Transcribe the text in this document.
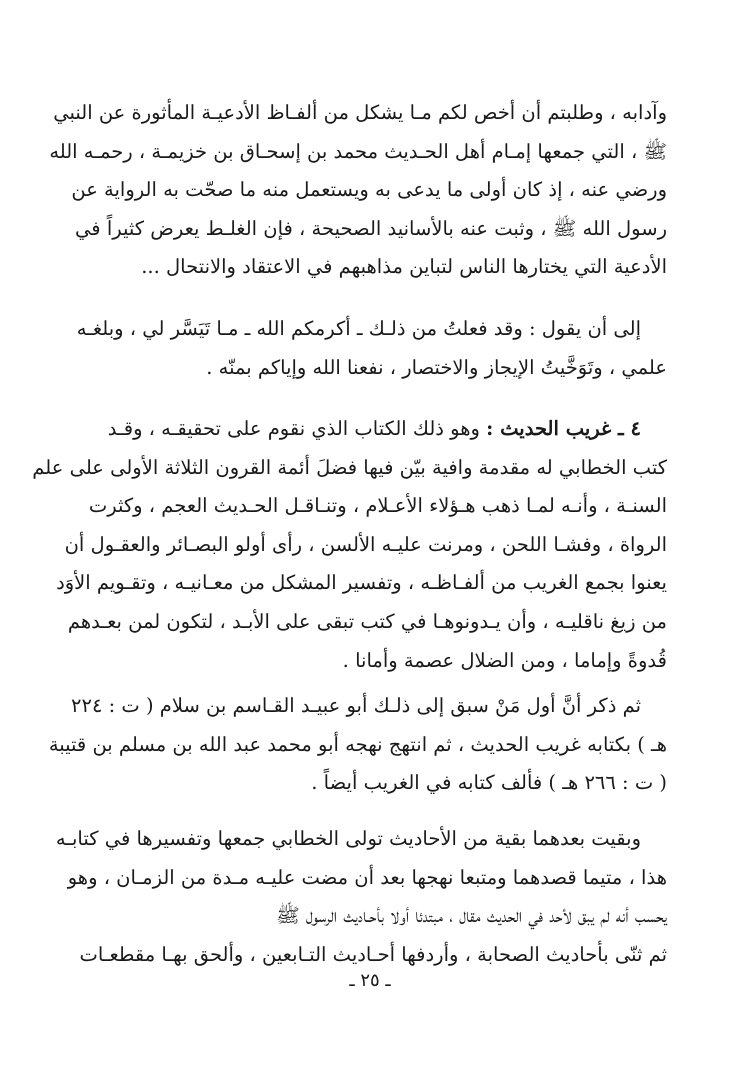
وآدابه ، وطلبتم أن أخص لكم مـا يشكل من ألفـاظ الأدعيـة المأثورة عن النبي
ﷺ ، التي جمعها إمـام أهل الحـديث محمد بن إسحـاق بن خزيمـة ، رحمـه الله
ورضي عنه ، إذ كان أولى ما يدعى به ويستعمل منه ما صحّت به الرواية عن
رسول الله ﷺ ، وثبت عنه بالأسانيد الصحيحة ، فإن الغلـط يعرض كثيراً في
الأدعية التي يختارها الناس لتباين مذاهبهم في الاعتقاد والانتحال ...
إلى أن يقول : وقد فعلتُ من ذلـك ـ أكرمكم الله ـ مـا تَيَسَّر لي ، وبلغـه
علمي ، وتَوَخَّيتُ الإيجاز والاختصار ، نفعنا الله وإياكم بمنّه .
٤ ـ غريب الحديث : وهو ذلك الكتاب الذي نقوم على تحقيقـه ، وقـد
كتب الخطابي له مقدمة وافية بيّن فيها فضلَ أئمة القرون الثلاثة الأولى على علم
السنـة ، وأنـه لمـا ذهب هـؤلاء الأعـلام ، وتنـاقـل الحـديث العجم ، وكثرت
الرواة ، وفشـا اللحن ، ومرنت عليـه الألسن ، رأى أولو البصـائر والعقـول أن
يعنوا بجمع الغريب من ألفـاظـه ، وتفسير المشكل من معـانيـه ، وتقـويم الأوَد
من زيغ ناقليـه ، وأن يـدونوهـا في كتب تبقى على الأبـد ، لتكون لمن بعـدهم
قُدوةً وإماما ، ومن الضلال عصمة وأمانا .
ثم ذكر أنَّ أول مَنْ سبق إلى ذلـك أبو عبيـد القـاسم بن سلام ( ت : ٢٢٤
هـ ) بكتابه غريب الحديث ، ثم انتهج نهجه أبو محمد عبد الله بن مسلم بن قتيبة
( ت : ٢٦٦ هـ ) فألف كتابه في الغريب أيضاً .
وبقيت بعدهما بقية من الأحاديث تولى الخطابي جمعها وتفسيرها في كتابـه
هذا ، متيما قصدهما ومتبعا نهجها بعد أن مضت عليـه مـدة من الزمـان ، وهو
يحسب أنه لم يبق لأحد في الحديث مقال ، مبتدئا أولا بأحـاديث الرسول ﷺ
ثم ثنّى بأحاديث الصحابة ، وأردفها أحـاديث التـابعين ، وألحق بهـا مقطعـات
ـ ٢٥ ـ
